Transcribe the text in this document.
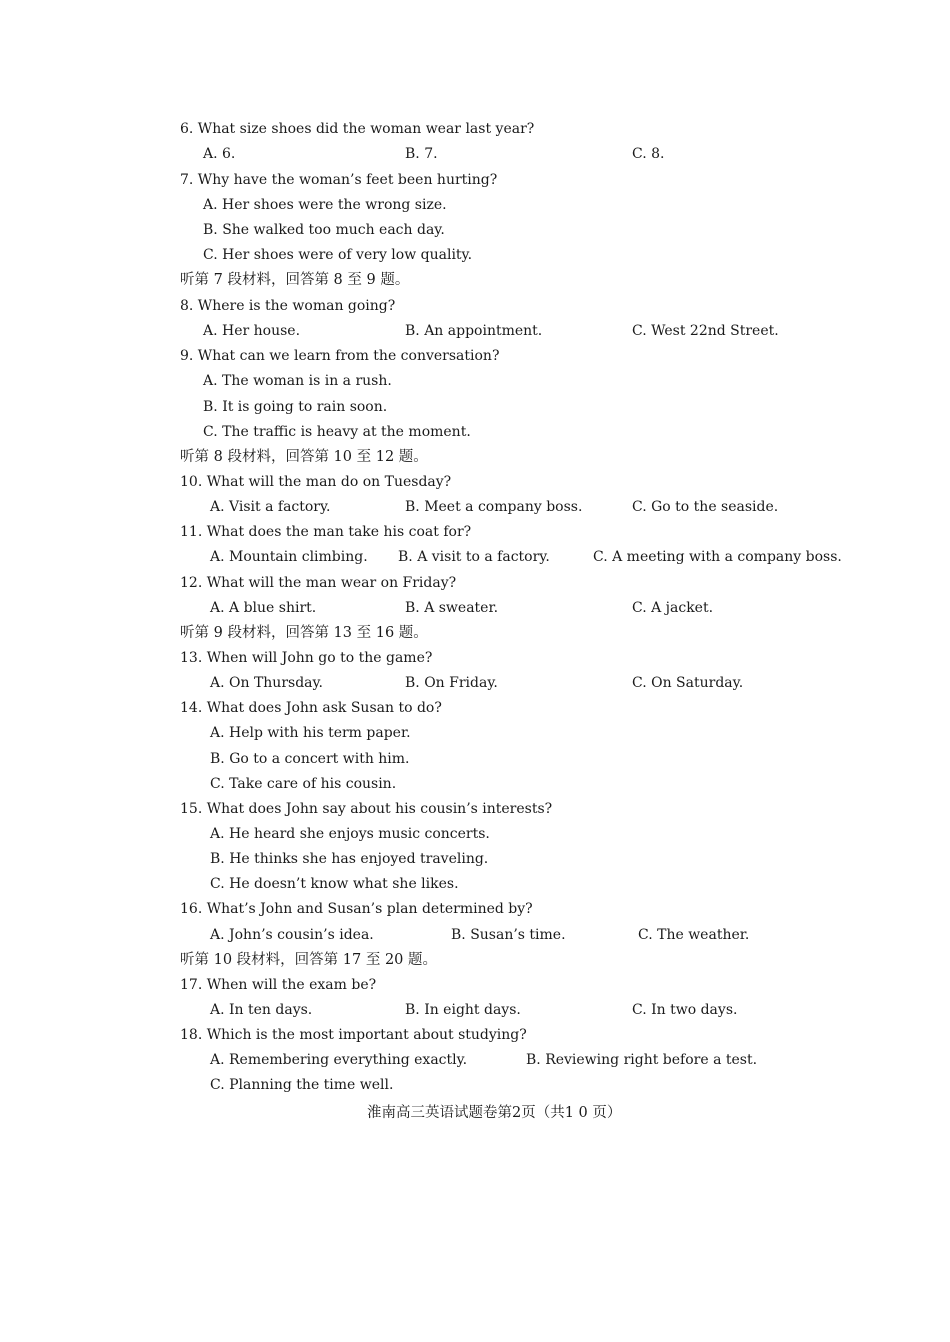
6. What size shoes did the woman wear last year?
A. 6.	B. 7.	C. 8.
7. Why have the woman’s feet been hurting?
A. Her shoes were the wrong size.
B. She walked too much each day.
C. Her shoes were of very low quality.
听第 7 段材料，回答第 8 至 9 题。
8. Where is the woman going?
A. Her house.	B. An appointment.	C. West 22nd Street.
9. What can we learn from the conversation?
A. The woman is in a rush.
B. It is going to rain soon.
C. The traffic is heavy at the moment.
听第 8 段材料，回答第 10 至 12 题。
10. What will the man do on Tuesday?
A. Visit a factory.	B. Meet a company boss.	C. Go to the seaside.
11. What does the man take his coat for?
A. Mountain climbing. B. A visit to a factory.	C. A meeting with a company boss.
12. What will the man wear on Friday?
A. A blue shirt.	B. A sweater.	C. A jacket.
听第 9 段材料，回答第 13 至 16 题。
13. When will John go to the game?
A. On Thursday.	B. On Friday.	C. On Saturday.
14. What does John ask Susan to do?
A. Help with his term paper.
B. Go to a concert with him.
C. Take care of his cousin.
15. What does John say about his cousin’s interests?
A. He heard she enjoys music concerts.
B. He thinks she has enjoyed traveling.
C. He doesn’t know what she likes.
16. What’s John and Susan’s plan determined by?
A. John’s cousin’s idea.	B. Susan’s time.	C. The weather.
听第 10 段材料，回答第 17 至 20 题。
17. When will the exam be?
A. In ten days.	B. In eight days.	C. In two days.
18. Which is the most important about studying?
A. Remembering everything exactly.	B. Reviewing right before a test.
C. Planning the time well.
淮南高三英语试题卷第2页（共1 0 页）
